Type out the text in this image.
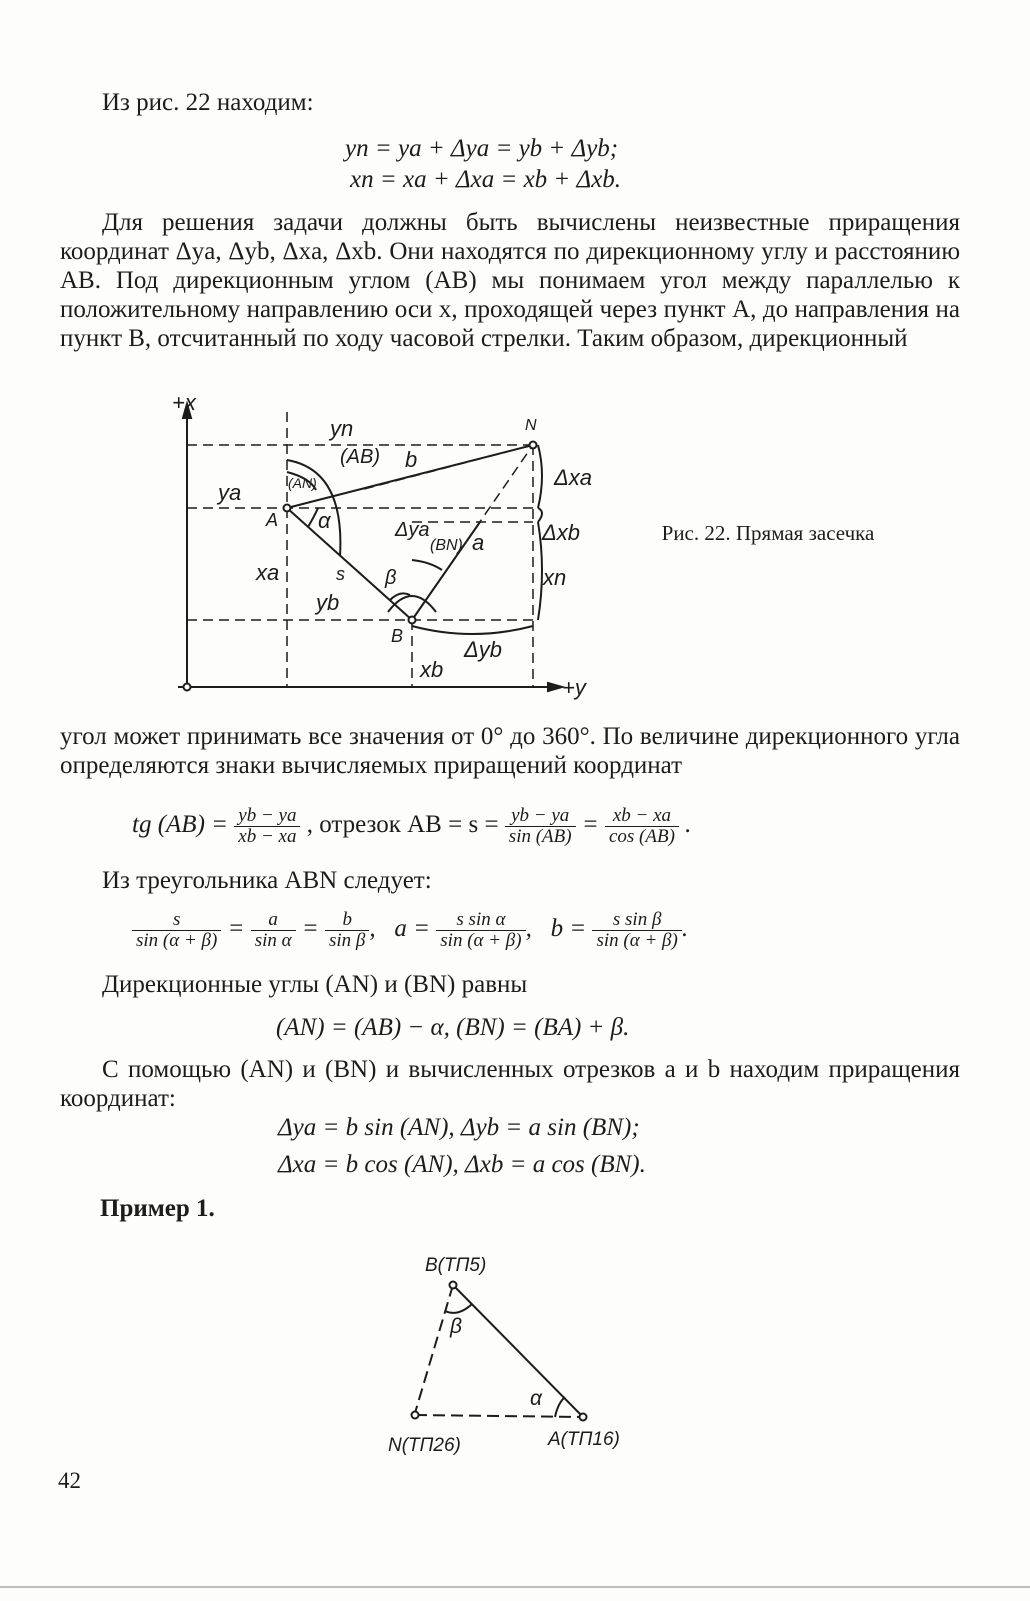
Из рис. 22 находим:

yn = ya + Δya = yb + Δyb;
xn = xa + Δxa = xb + Δxb.

Для решения задачи должны быть вычислены неизвестные приращения координат Δya, Δyb, Δxa, Δxb. Они находятся по дирекционному углу и расстоянию AB. Под дирекционным углом (AB) мы понимаем угол между параллелью к положительному направлению оси x, проходящей через пункт A, до направления на пункт B, отсчитанный по ходу часовой стрелки. Таким образом, дирекционный

+x
+y
yn	N
(AB) b
Δxa
ya	(AN)
A α	Δya
(BN) a	Δxb
xa	s β	xn
yb
B
Δyb
xb
Рис. 22. Прямая засечка

угол может принимать все значения от 0° до 360°. По величине дирекционного угла определяются знаки вычисляемых приращений координат

tg $(AB) = \frac{yb - ya}{xb - xa}$ , отрезок AB = $s = \frac{yb - ya}{\sin (AB)} = \frac{xb - xa}{\cos (AB)}$ .

Из треугольника ABN следует:

$\frac{s}{\sin (\alpha + \beta)} = \frac{a}{\text{sin α}} = \frac{b}{\text{sin β}}$ ,   $a = \frac{\text{s sin α}}{\sin (\alpha + \beta)}$ ,   $b = \frac{\text{s sin β}}{\sin (\alpha + \beta)}$ .

Дирекционные углы (AN) и (BN) равны

(AN) = (AB) − α, (BN) = (BA) + β.

С помощью (AN) и (BN) и вычисленных отрезков a и b находим приращения координат:

Δya = b sin (AN), Δyb = a sin (BN);
Δxa = b cos (AN), Δxb = a cos (BN).
Пример 1.
B(ТП5)
β
α
N(ТП26)	A(ТП16)
42
